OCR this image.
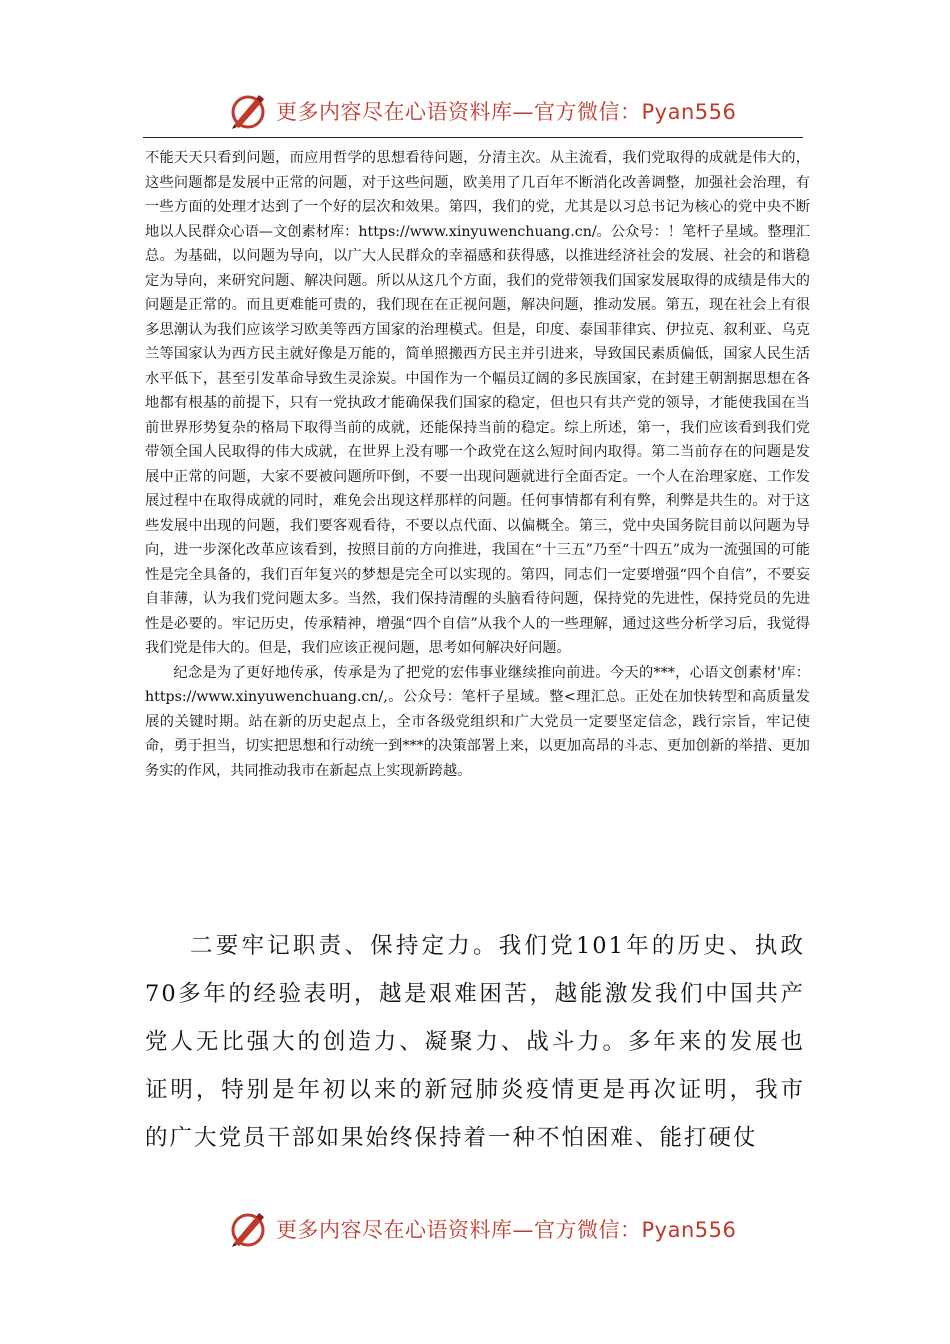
更多内容尽在心语资料库—官方微信：Pyan556

不能天天只看到问题，而应用哲学的思想看待问题，分清主次。从主流看，我们党取得的成就是伟大的，这些问题都是发展中正常的问题，对于这些问题，欧美用了几百年不断消化改善调整，加强社会治理，有一些方面的处理才达到了一个好的层次和效果。第四，我们的党，尤其是以习总书记为核心的党中央不断地以人民群众心语—文创素材库：https://www.xinyuwenchuang.cn/。公众号：！笔杆子星域。整理汇总。为基础，以问题为导向，以广大人民群众的幸福感和获得感，以推进经济社会的发展、社会的和谐稳定为导向，来研究问题、解决问题。所以从这几个方面，我们的党带领我们国家发展取得的成绩是伟大的问题是正常的。而且更难能可贵的，我们现在在正视问题，解决问题，推动发展。第五，现在社会上有很多思潮认为我们应该学习欧美等西方国家的治理模式。但是，印度、泰国菲律宾、伊拉克、叙利亚、乌克兰等国家认为西方民主就好像是万能的，简单照搬西方民主并引进来，导致国民素质偏低，国家人民生活水平低下，甚至引发革命导致生灵涂炭。中国作为一个幅员辽阔的多民族国家，在封建王朝割据思想在各地都有根基的前提下，只有一党执政才能确保我们国家的稳定，但也只有共产党的领导，才能使我国在当前世界形势复杂的格局下取得当前的成就，还能保持当前的稳定。综上所述，第一，我们应该看到我们党带领全国人民取得的伟大成就，在世界上没有哪一个政党在这么短时间内取得。第二当前存在的问题是发展中正常的问题，大家不要被问题所吓倒，不要一出现问题就进行全面否定。一个人在治理家庭、工作发展过程中在取得成就的同时，难免会出现这样那样的问题。任何事情都有利有弊，利弊是共生的。对于这些发展中出现的问题，我们要客观看待，不要以点代面、以偏概全。第三，党中央国务院目前以问题为导向，进一步深化改革应该看到，按照目前的方向推进，我国在“十三五”乃至“十四五”成为一流强国的可能性是完全具备的，我们百年复兴的梦想是完全可以实现的。第四，同志们一定要增强“四个自信”，不要妄自菲薄，认为我们党问题太多。当然，我们保持清醒的头脑看待问题，保持党的先进性，保持党员的先进性是必要的。牢记历史，传承精神，增强“四个自信”从我个人的一些理解，通过这些分析学习后，我觉得我们党是伟大的。但是，我们应该正视问题，思考如何解决好问题。

纪念是为了更好地传承，传承是为了把党的宏伟事业继续推向前进。今天的***，心语文创素材'库：https://www.xinyuwenchuang.cn/,。公众号：笔杆子星域。整<理汇总。正处在加快转型和高质量发展的关键时期。站在新的历史起点上，全市各级党组织和广大党员一定要坚定信念，践行宗旨，牢记使命，勇于担当，切实把思想和行动统一到***的决策部署上来，以更加高昂的斗志、更加创新的举措、更加务实的作风，共同推动我市在新起点上实现新跨越。

二要牢记职责、保持定力。我们党101年的历史、执政70多年的经验表明，越是艰难困苦，越能激发我们中国共产党人无比强大的创造力、凝聚力、战斗力。多年来的发展也证明，特别是年初以来的新冠肺炎疫情更是再次证明，我市的广大党员干部如果始终保持着一种不怕困难、能打硬仗

更多内容尽在心语资料库—官方微信：Pyan556
